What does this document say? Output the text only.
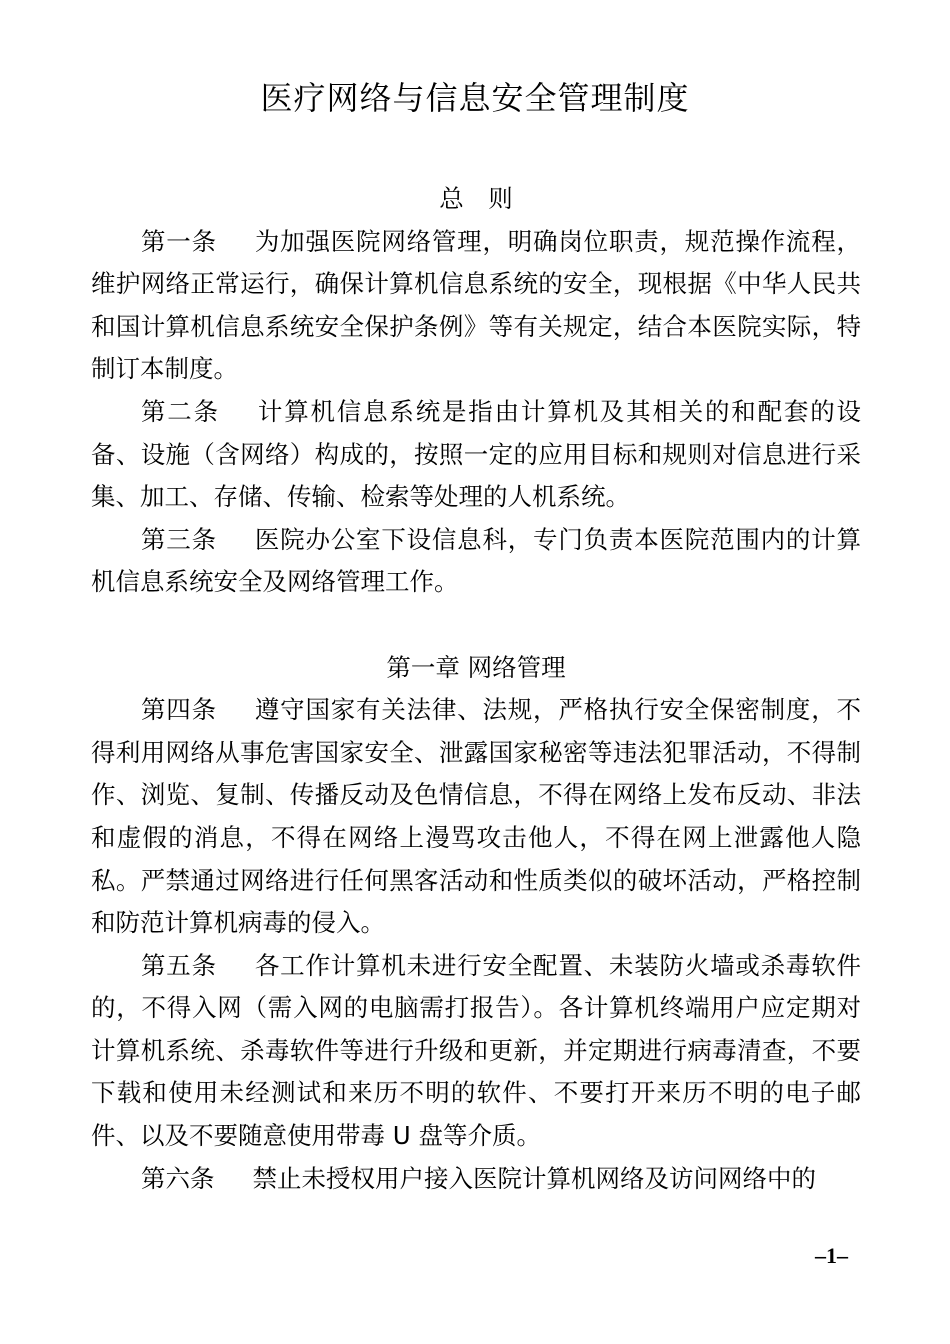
医疗网络与信息安全管理制度

总　则

第一条 为加强医院网络管理，明确岗位职责，规范操作流程，维护网络正常运行，确保计算机信息系统的安全，现根据《中华人民共和国计算机信息系统安全保护条例》等有关规定，结合本医院实际，特制订本制度。

第二条 计算机信息系统是指由计算机及其相关的和配套的设备、设施（含网络）构成的，按照一定的应用目标和规则对信息进行采集、加工、存储、传输、检索等处理的人机系统。

第三条 医院办公室下设信息科，专门负责本医院范围内的计算机信息系统安全及网络管理工作。

第一章 网络管理

第四条 遵守国家有关法律、法规，严格执行安全保密制度，不得利用网络从事危害国家安全、泄露国家秘密等违法犯罪活动，不得制作、浏览、复制、传播反动及色情信息，不得在网络上发布反动、非法和虚假的消息，不得在网络上漫骂攻击他人，不得在网上泄露他人隐私。严禁通过网络进行任何黑客活动和性质类似的破坏活动，严格控制和防范计算机病毒的侵入。

第五条 各工作计算机未进行安全配置、未装防火墙或杀毒软件的，不得入网（需入网的电脑需打报告）。各计算机终端用户应定期对计算机系统、杀毒软件等进行升级和更新，并定期进行病毒清查，不要下载和使用未经测试和来历不明的软件、不要打开来历不明的电子邮件、以及不要随意使用带毒 U 盘等介质。

第六条 禁止未授权用户接入医院计算机网络及访问网络中的

–1–
